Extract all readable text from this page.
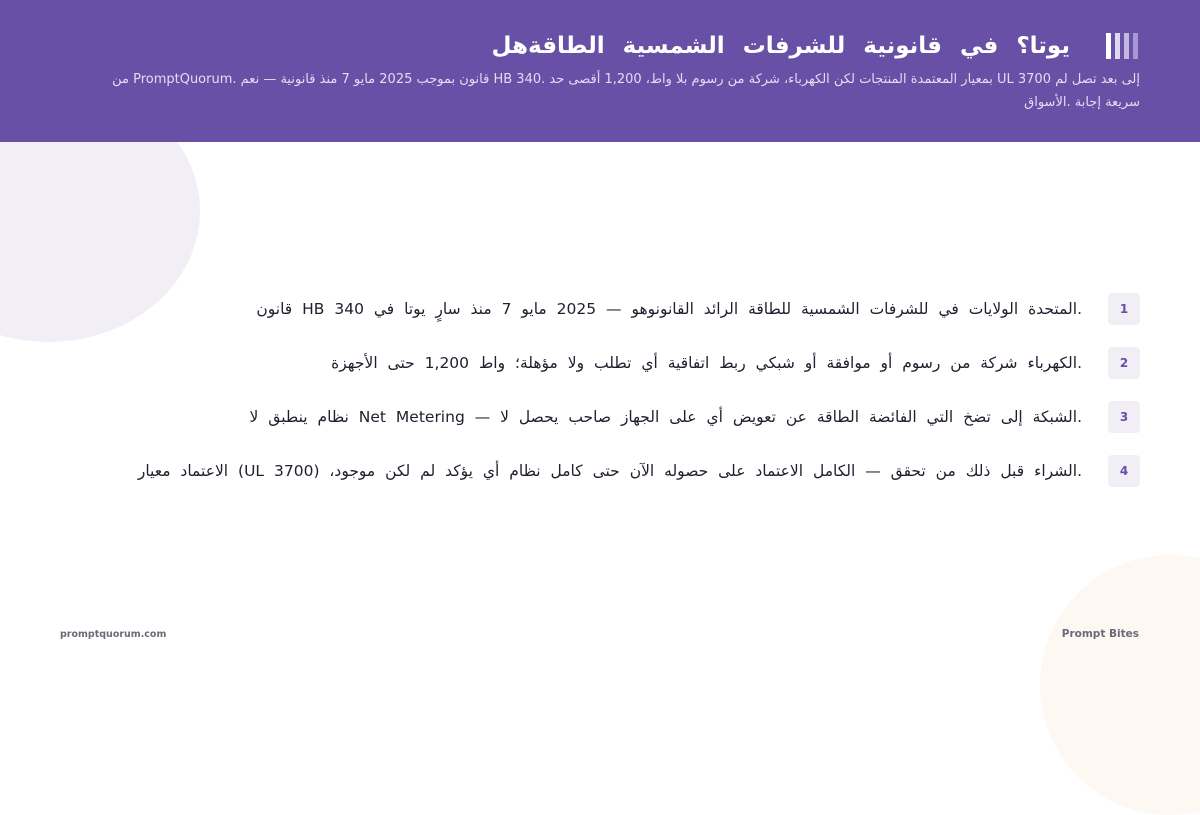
يوتا؟ في قانونية للشرفات الشمسية الطاقةهل

إلى بعد تصل لم UL 3700 بمعيار المعتمدة المنتجات لكن الكهرباء، شركة من رسوم بلا واط، 1,200 أقصى حد .HB 340 قانون بموجب 2025 مايو 7 منذ قانونية — نعم .PromptQuorum من سريعة إجابة .الأسواق

1
.المتحدة الولايات في للشرفات الشمسية للطاقة الرائد القانونوهو — 2025 مايو 7 منذ سارٍ يوتا في HB 340 قانون
2
.الكهرباء شركة من رسوم أو موافقة أو شبكي ربط اتفاقية أي تطلب ولا مؤهلة؛ واط 1,200 حتى الأجهزة
3
.الشبكة إلى تضخ التي الفائضة الطاقة عن تعويض أي على الجهاز صاحب يحصل لا — Net Metering نظام ينطبق لا
4
.الشراء قبل ذلك من تحقق — الكامل الاعتماد على حصوله الآن حتى كامل نظام أي يؤكد لم لكن موجود، (UL 3700) الاعتماد معيار
promptquorum.com	Prompt Bites
